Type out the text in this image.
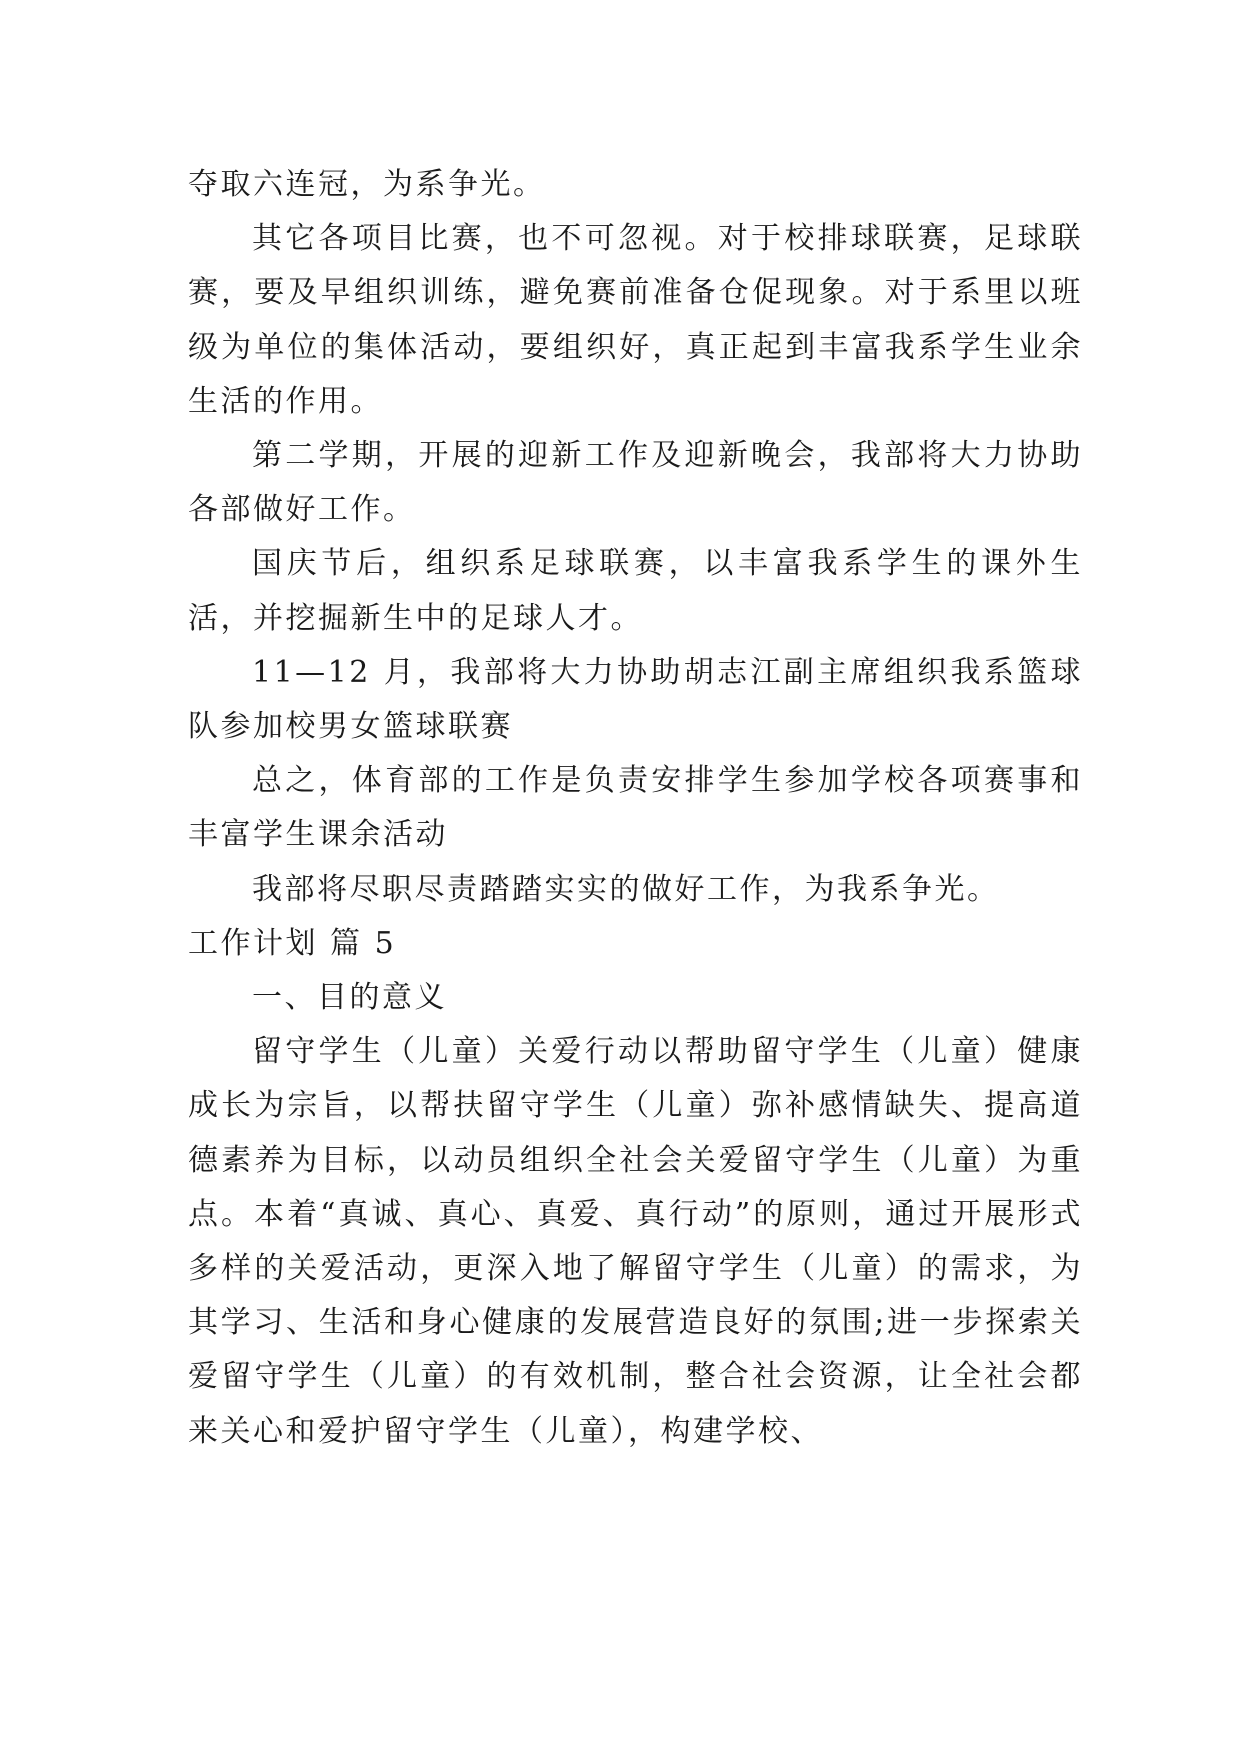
夺取六连冠，为系争光。

其它各项目比赛，也不可忽视。对于校排球联赛，足球联赛，要及早组织训练，避免赛前准备仓促现象。对于系里以班级为单位的集体活动，要组织好，真正起到丰富我系学生业余生活的作用。

第二学期，开展的迎新工作及迎新晚会，我部将大力协助各部做好工作。

国庆节后，组织系足球联赛，以丰富我系学生的课外生活，并挖掘新生中的足球人才。

11—12 月，我部将大力协助胡志江副主席组织我系篮球队参加校男女篮球联赛

总之，体育部的工作是负责安排学生参加学校各项赛事和丰富学生课余活动

我部将尽职尽责踏踏实实的做好工作，为我系争光。

工作计划 篇 5

一、目的意义

留守学生（儿童）关爱行动以帮助留守学生（儿童）健康成长为宗旨，以帮扶留守学生（儿童）弥补感情缺失、提高道德素养为目标，以动员组织全社会关爱留守学生（儿童）为重点。本着“真诚、真心、真爱、真行动”的原则，通过开展形式多样的关爱活动，更深入地了解留守学生（儿童）的需求，为其学习、生活和身心健康的发展营造良好的氛围;进一步探索关爱留守学生（儿童）的有效机制，整合社会资源，让全社会都来关心和爱护留守学生（儿童），构建学校、
